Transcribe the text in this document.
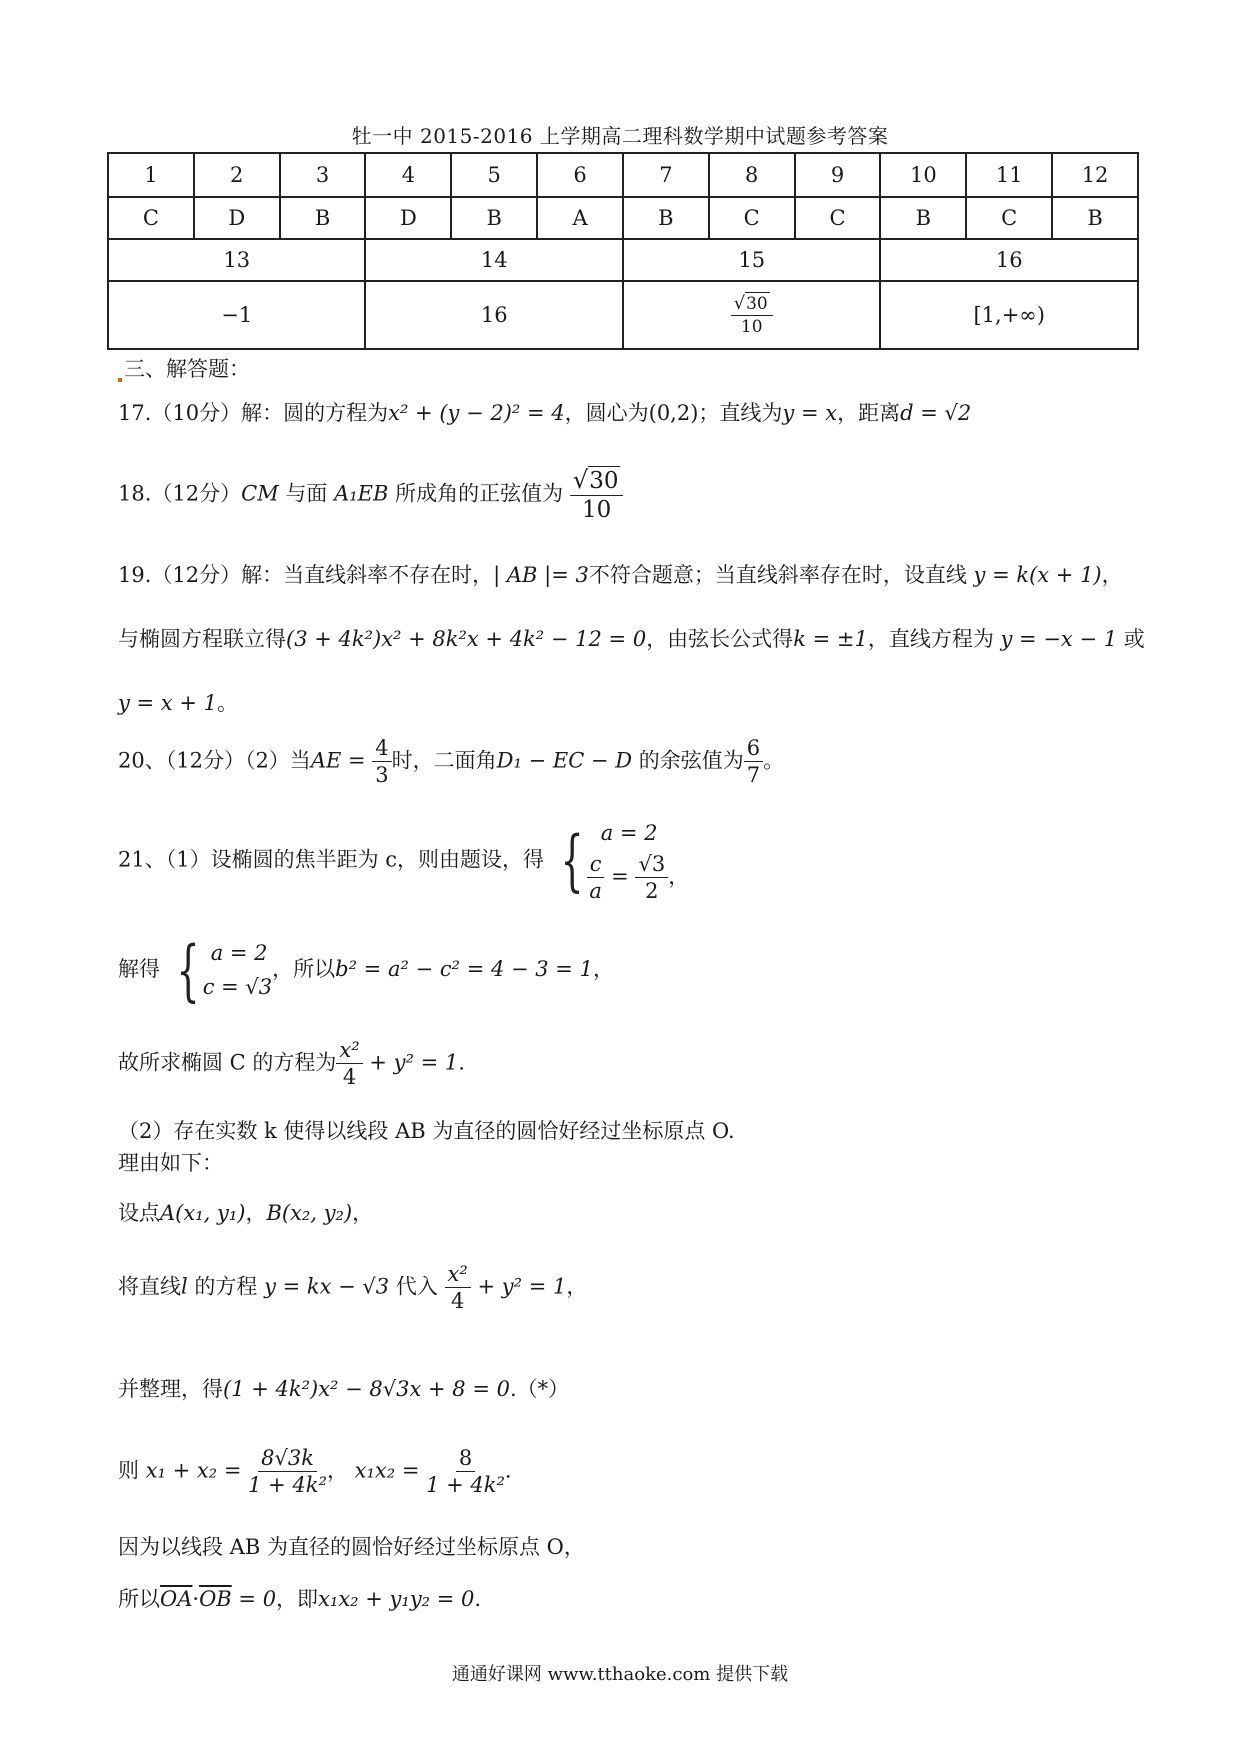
牡一中 2015-2016 上学期高二理科数学期中试题参考答案
1	2	3	4	5	6	7	8	9	10	11	12
C	D	B	D	B	A	B	C	C	B	C	B
13			14			15			16		
−1			16			$\frac{√30}{10}$			[1,+∞)		
三、解答题：
17.（10分）解：圆的方程为x² + (y − 2)² = 4，圆心为(0,2)；直线为y = x，距离d = √2
18.（12分）CM 与面 A₁EB 所成角的正弦值为 $\frac{√30}{10}$
19.（12分）解：当直线斜率不存在时，| AB |= 3不符合题意；当直线斜率存在时，设直线 y = k(x + 1)，
与椭圆方程联立得(3 + 4k²)x² + 8k²x + 4k² − 12 = 0，由弦长公式得k = ±1，直线方程为 y = −x − 1 或
y = x + 1。
20、（12分）（2）当AE = $\frac{4}{3}$ 时，二面角D₁ − EC − D 的余弦值为 $\frac{6}{7}$ 。
21、（1）设椭圆的焦半距为 c，则由题设，得 { a = 2
$\frac{c}{a} = \frac{√3}{2}$ ，
解得 { a = 2
c = √3
，所以b² = a² − c² = 4 − 3 = 1，
故所求椭圆 C 的方程为 $\frac{\text{x²}}{4} + y^2 = 1$.
（2）存在实数 k 使得以线段 AB 为直径的圆恰好经过坐标原点 O.
理由如下：
设点A(x₁, y₁)，B(x₂, y₂)，
将直线l 的方程 y = kx − √3 代入 $\frac{\text{x²}}{4} + y^2 = 1$，
并整理，得(1 + 4k²)x² − 8√3x + 8 = 0.（*）
则 $x_1 + x_2 = \frac{8√3k}{\text{1 + 4k²}}$ ， $x_1x_2 = \frac{8}{\text{1 + 4k²}}$ .
因为以线段 AB 为直径的圆恰好经过坐标原点 O，
所以$\overline{OA}\cdot\overline{OB} = 0$，即x₁x₂ + y₁y₂ = 0.
通通好课网 www.tthaoke.com 提供下载
